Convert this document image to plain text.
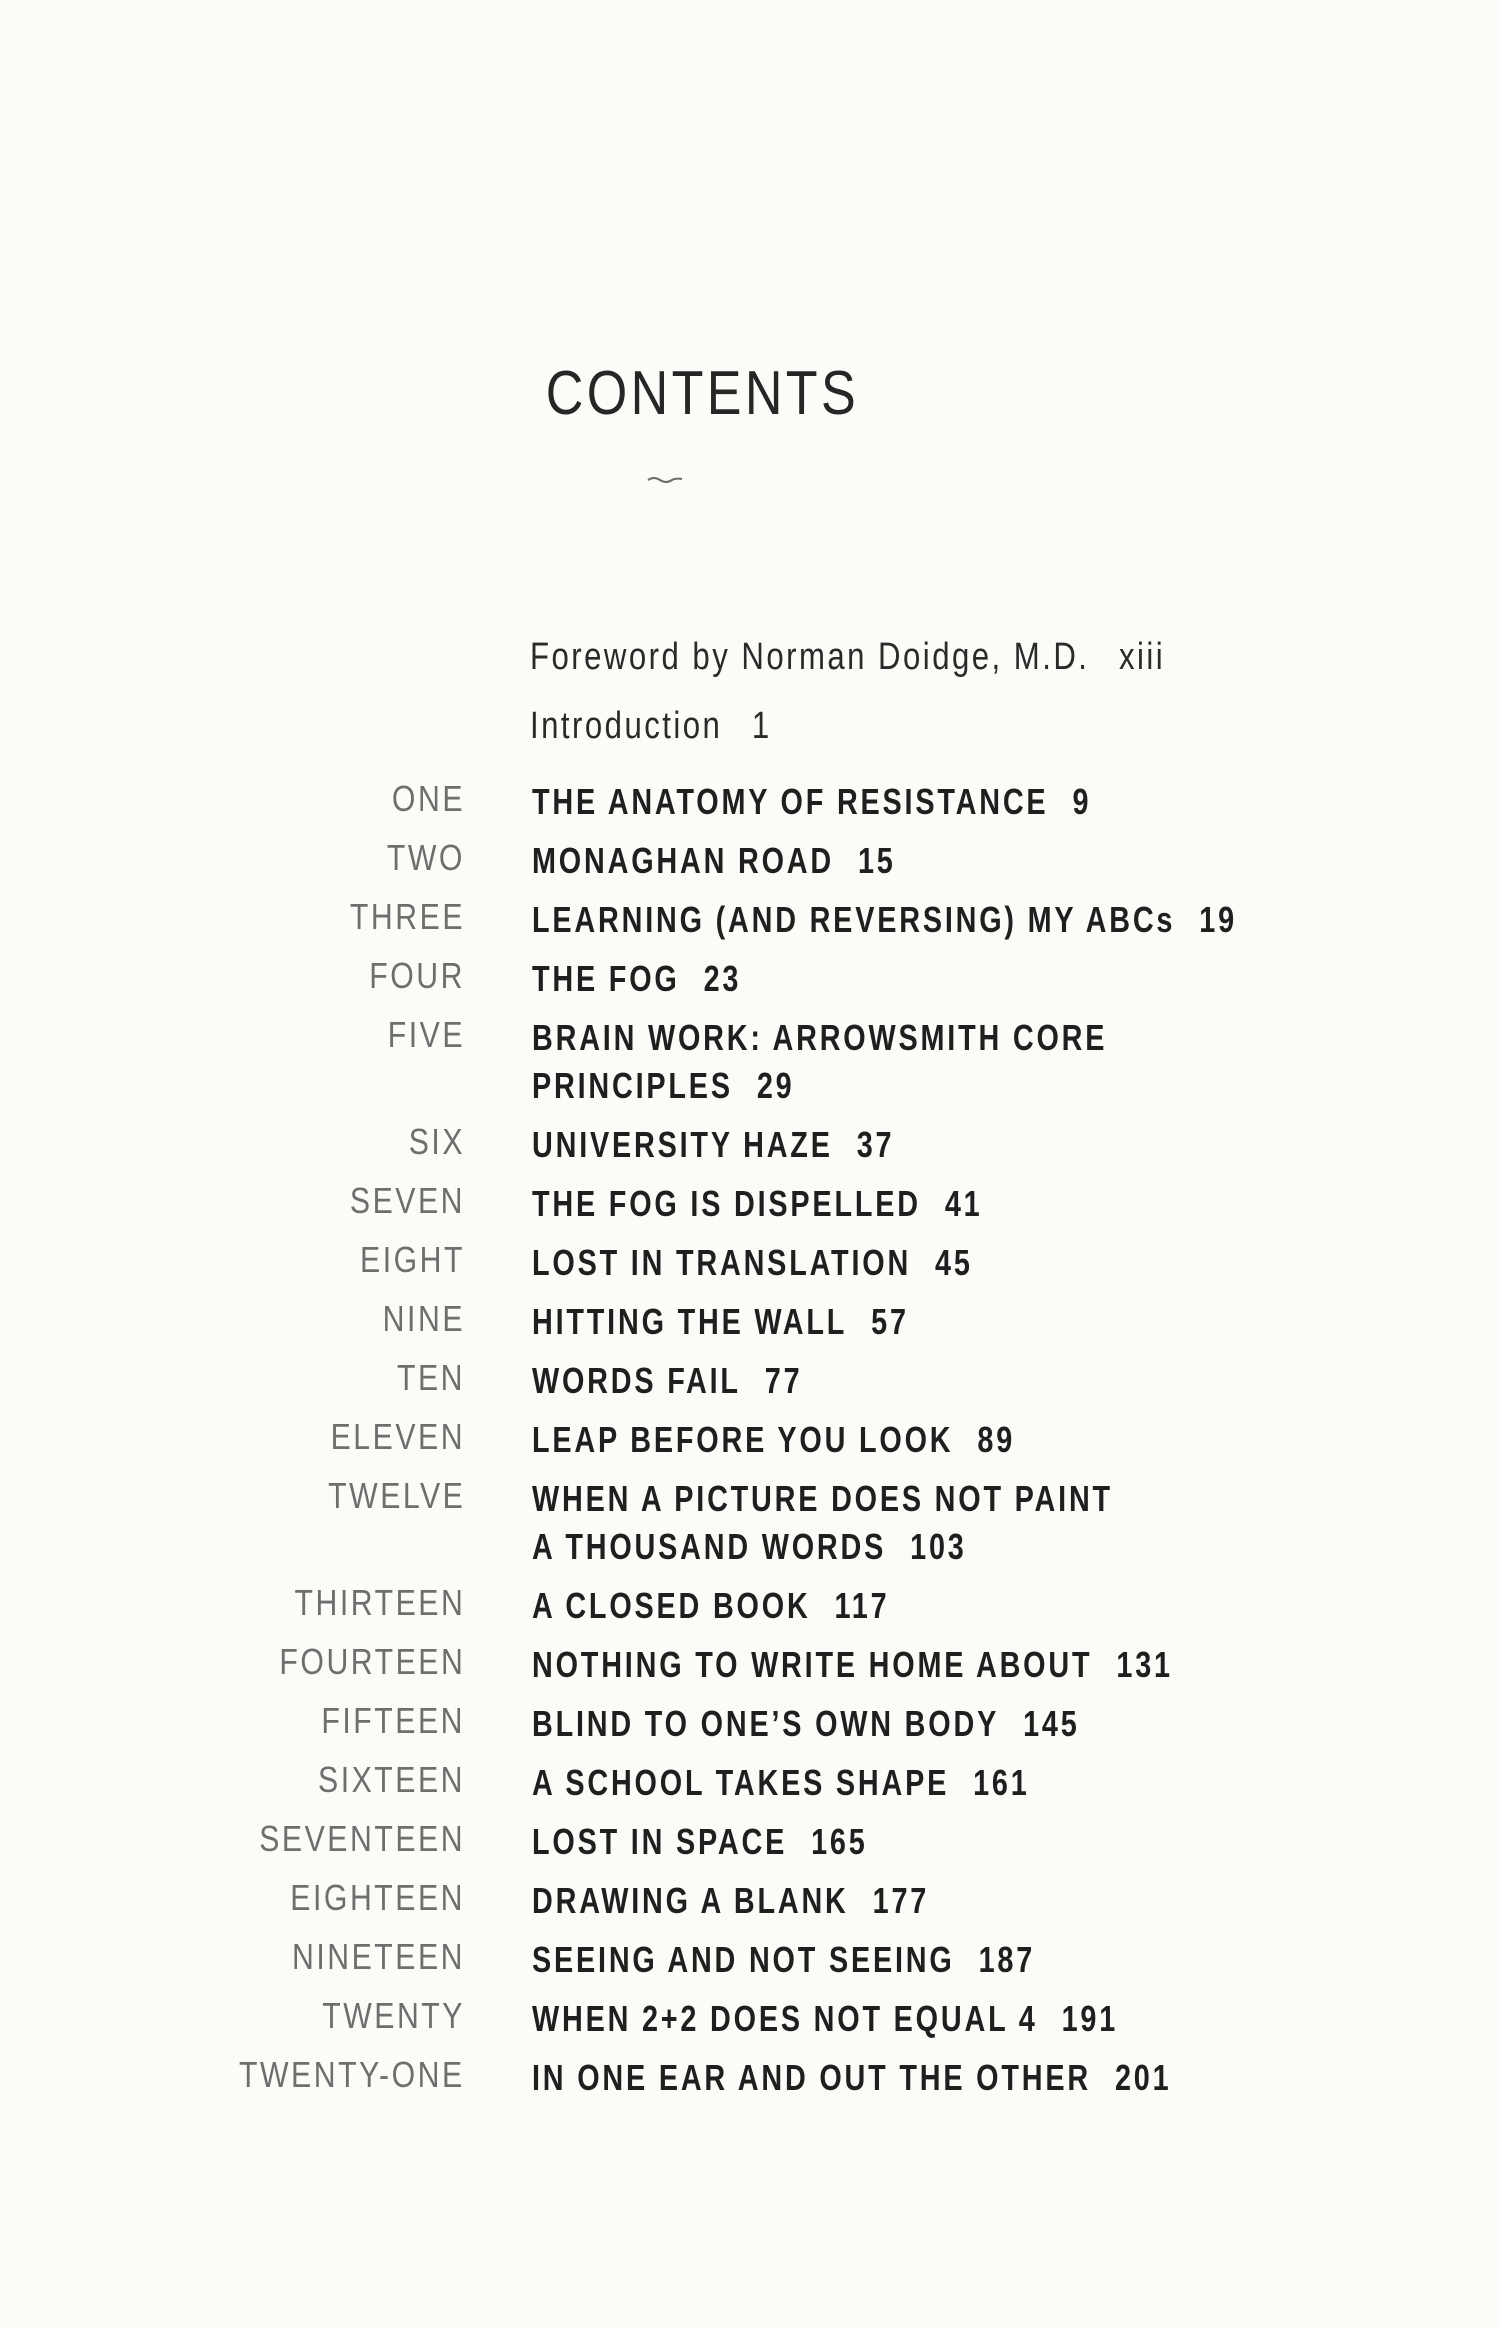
CONTENTS
Foreword by Norman Doidge, M.D. xiii
Introduction 1
ONE THE ANATOMY OF RESISTANCE 9
TWO MONAGHAN ROAD 15
THREE LEARNING (AND REVERSING) MY ABCs 19
FOUR THE FOG 23
FIVE BRAIN WORK: ARROWSMITH CORE
PRINCIPLES 29
SIX UNIVERSITY HAZE 37
SEVEN THE FOG IS DISPELLED 41
EIGHT LOST IN TRANSLATION 45
NINE HITTING THE WALL 57
TEN WORDS FAIL 77
ELEVEN LEAP BEFORE YOU LOOK 89
TWELVE WHEN A PICTURE DOES NOT PAINT
A THOUSAND WORDS 103
THIRTEEN A CLOSED BOOK 117
FOURTEEN NOTHING TO WRITE HOME ABOUT 131
FIFTEEN BLIND TO ONE’S OWN BODY 145
SIXTEEN A SCHOOL TAKES SHAPE 161
SEVENTEEN LOST IN SPACE 165
EIGHTEEN DRAWING A BLANK 177
NINETEEN SEEING AND NOT SEEING 187
TWENTY WHEN 2+2 DOES NOT EQUAL 4 191
TWENTY-ONE IN ONE EAR AND OUT THE OTHER 201
